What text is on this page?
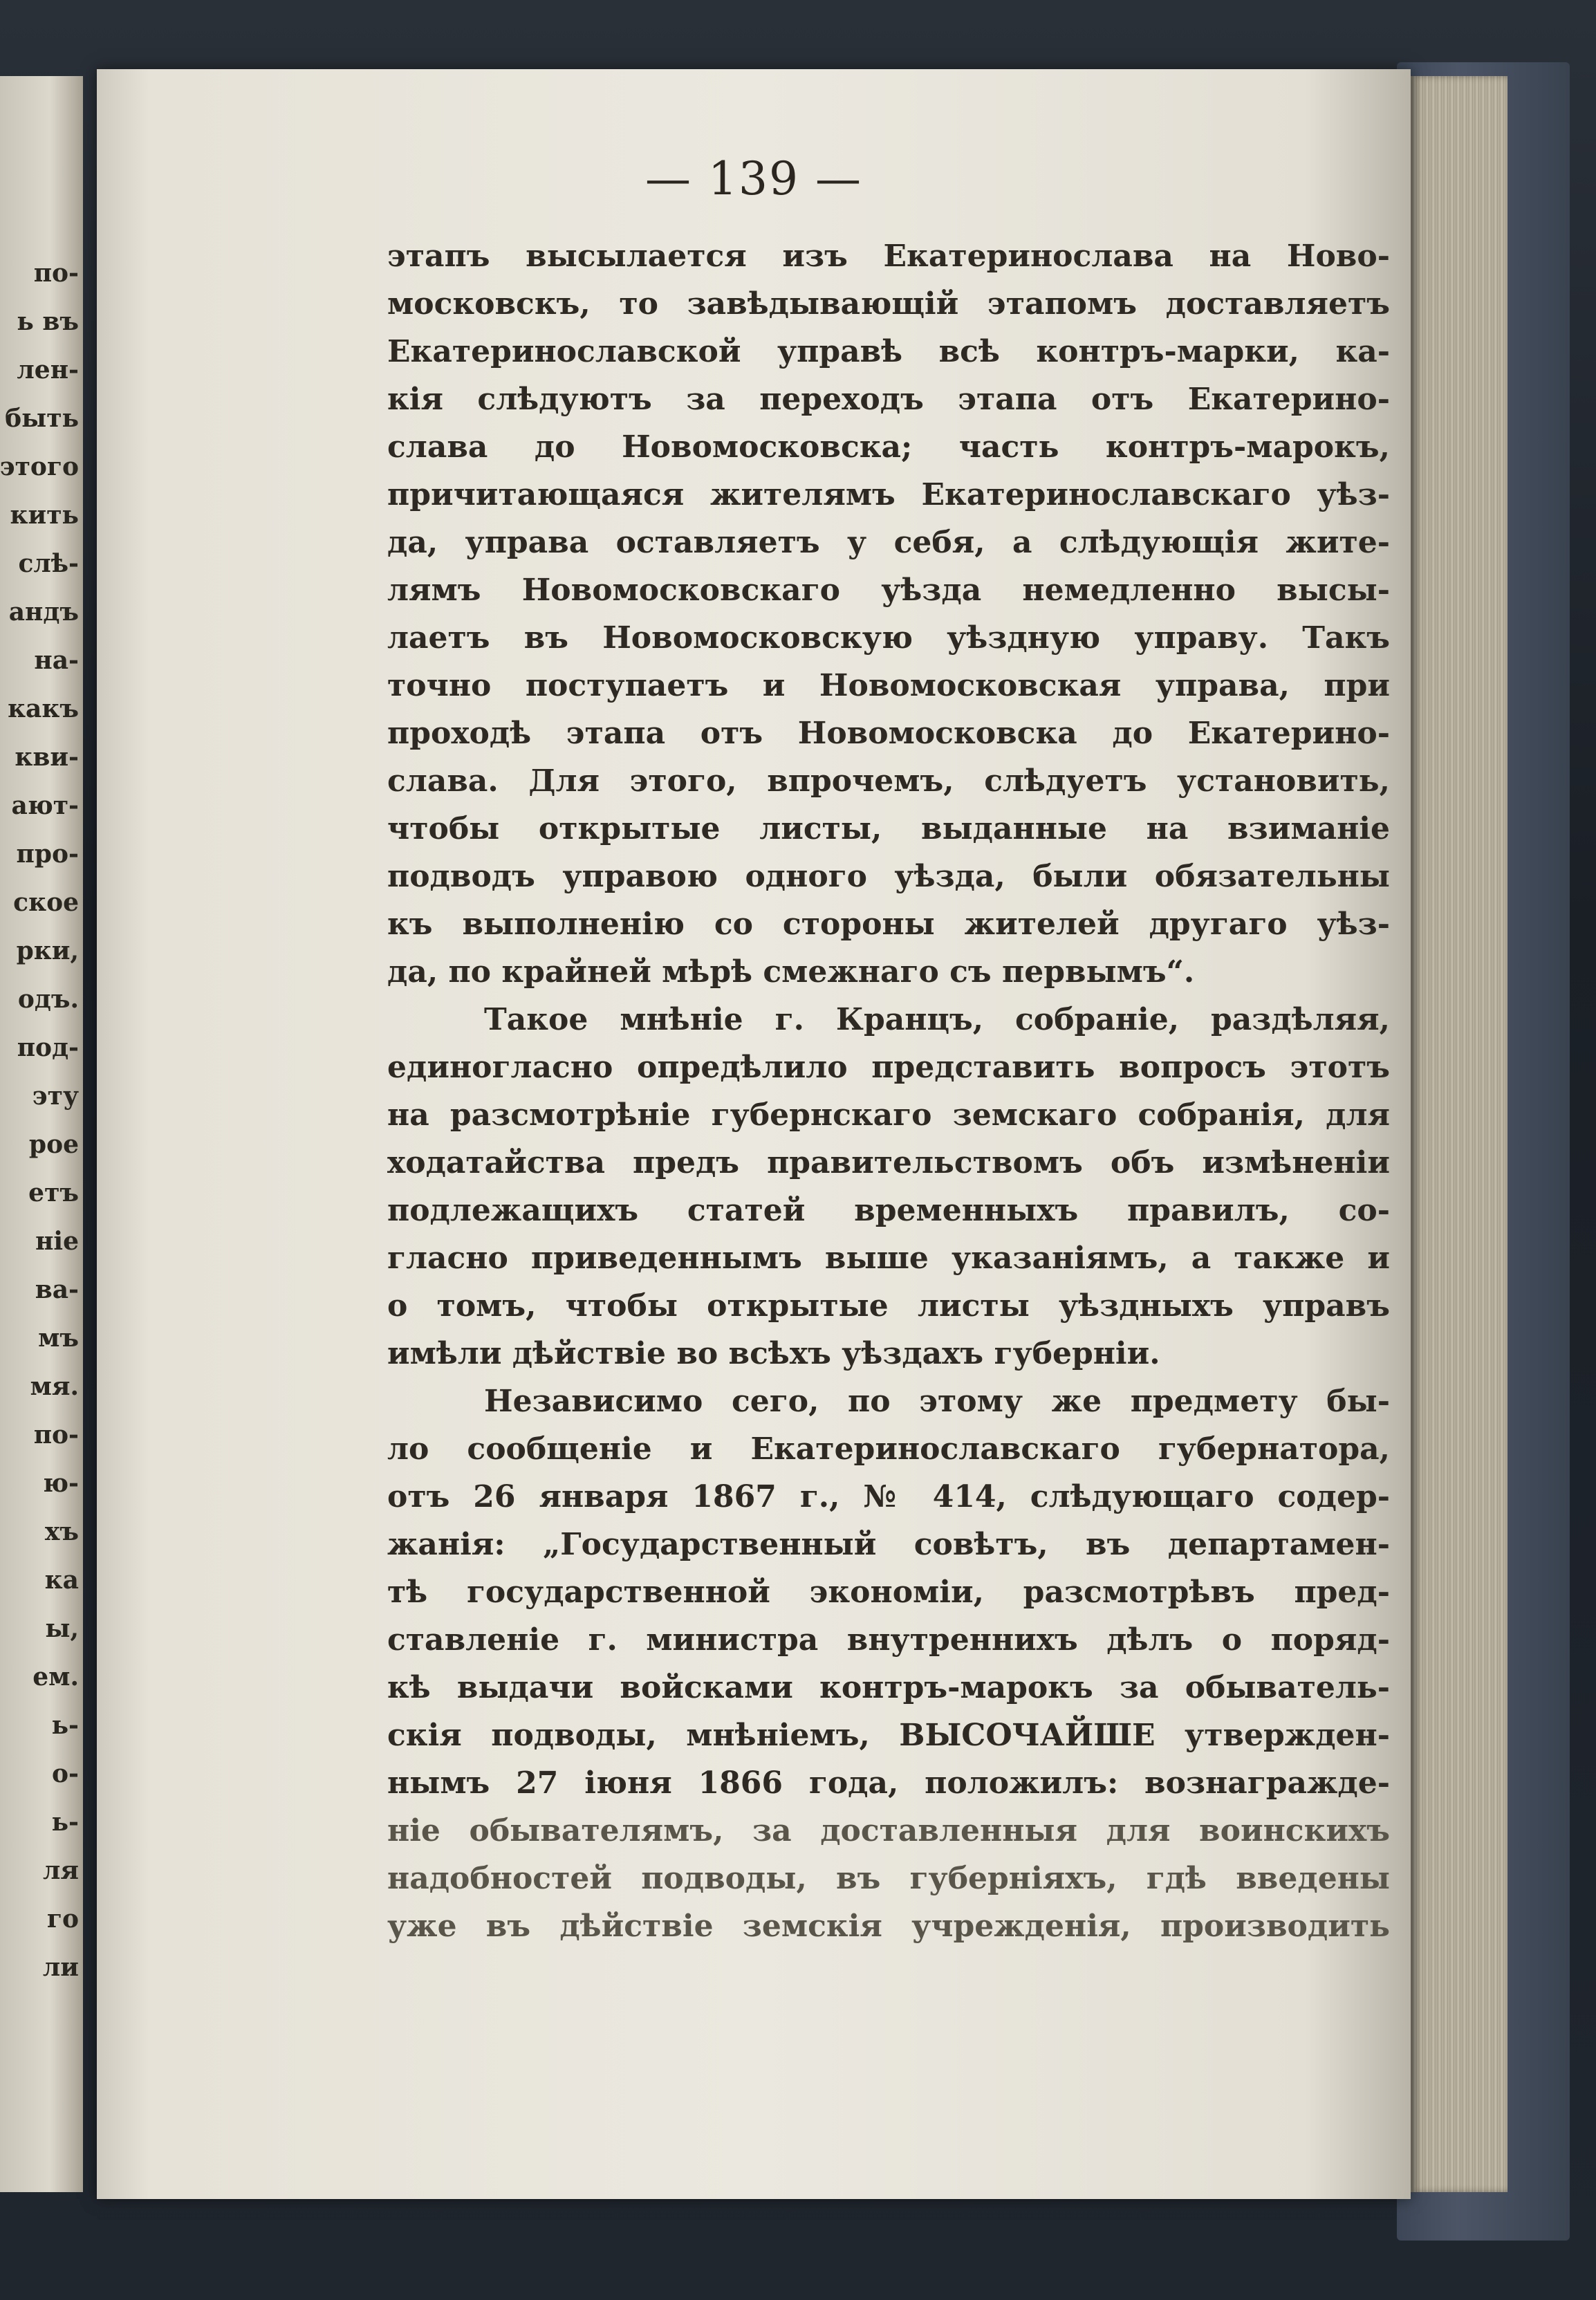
по-
ь въ
лен-
быть
этого
кить
слѣ-
андъ
на-
какъ
кви-
ают-
про-
ское
рки,
одъ.
под-
эту
рое
етъ
ніе
ва-
мъ
мя.
по-
ю-
хъ
ка
ы,
ем.
ь-
о-
ь-
ля
го
ли
— 139 —
этапъ высылается изъ Екатеринослава на Ново-
московскъ, то завѣдывающій этапомъ доставляетъ
Екатеринославской управѣ всѣ контръ-марки, ка-
кія слѣдуютъ за переходъ этапа отъ Екатерино-
слава до Новомосковска; часть контръ-марокъ,
причитающаяся жителямъ Екатеринославскаго уѣз-
да, управа оставляетъ у себя, а слѣдующія жите-
лямъ Новомосковскаго уѣзда немедленно высы-
лаетъ въ Новомосковскую уѣздную управу. Такъ
точно поступаетъ и Новомосковская управа, при
проходѣ этапа отъ Новомосковска до Екатерино-
слава. Для этого, впрочемъ, слѣдуетъ установить,
чтобы открытые листы, выданные на взиманіе
подводъ управою одного уѣзда, были обязательны
къ выполненію со стороны жителей другаго уѣз-
да, по крайней мѣрѣ смежнаго съ первымъ“.
Такое мнѣніе г. Кранцъ, собраніе, раздѣляя,
единогласно опредѣлило представить вопросъ этотъ
на разсмотрѣніе губернскаго земскаго собранія, для
ходатайства предъ правительствомъ объ измѣненіи
подлежащихъ статей временныхъ правилъ, со-
гласно приведеннымъ выше указаніямъ, а также и
о томъ, чтобы открытые листы уѣздныхъ управъ
имѣли дѣйствіе во всѣхъ уѣздахъ губерніи.
Независимо сего, по этому же предмету бы-
ло сообщеніе и Екатеринославскаго губернатора,
отъ 26 января 1867 г., № 414, слѣдующаго содер-
жанія: „Государственный совѣтъ, въ департамен-
тѣ государственной экономіи, разсмотрѣвъ пред-
ставленіе г. министра внутреннихъ дѣлъ о поряд-
кѣ выдачи войсками контръ-марокъ за обыватель-
скія подводы, мнѣніемъ, ВЫСОЧАЙШЕ утвержден-
нымъ 27 іюня 1866 года, положилъ: вознагражде-
ніе обывателямъ, за доставленныя для воинскихъ
надобностей подводы, въ губерніяхъ, гдѣ введены
уже въ дѣйствіе земскія учрежденія, производить
